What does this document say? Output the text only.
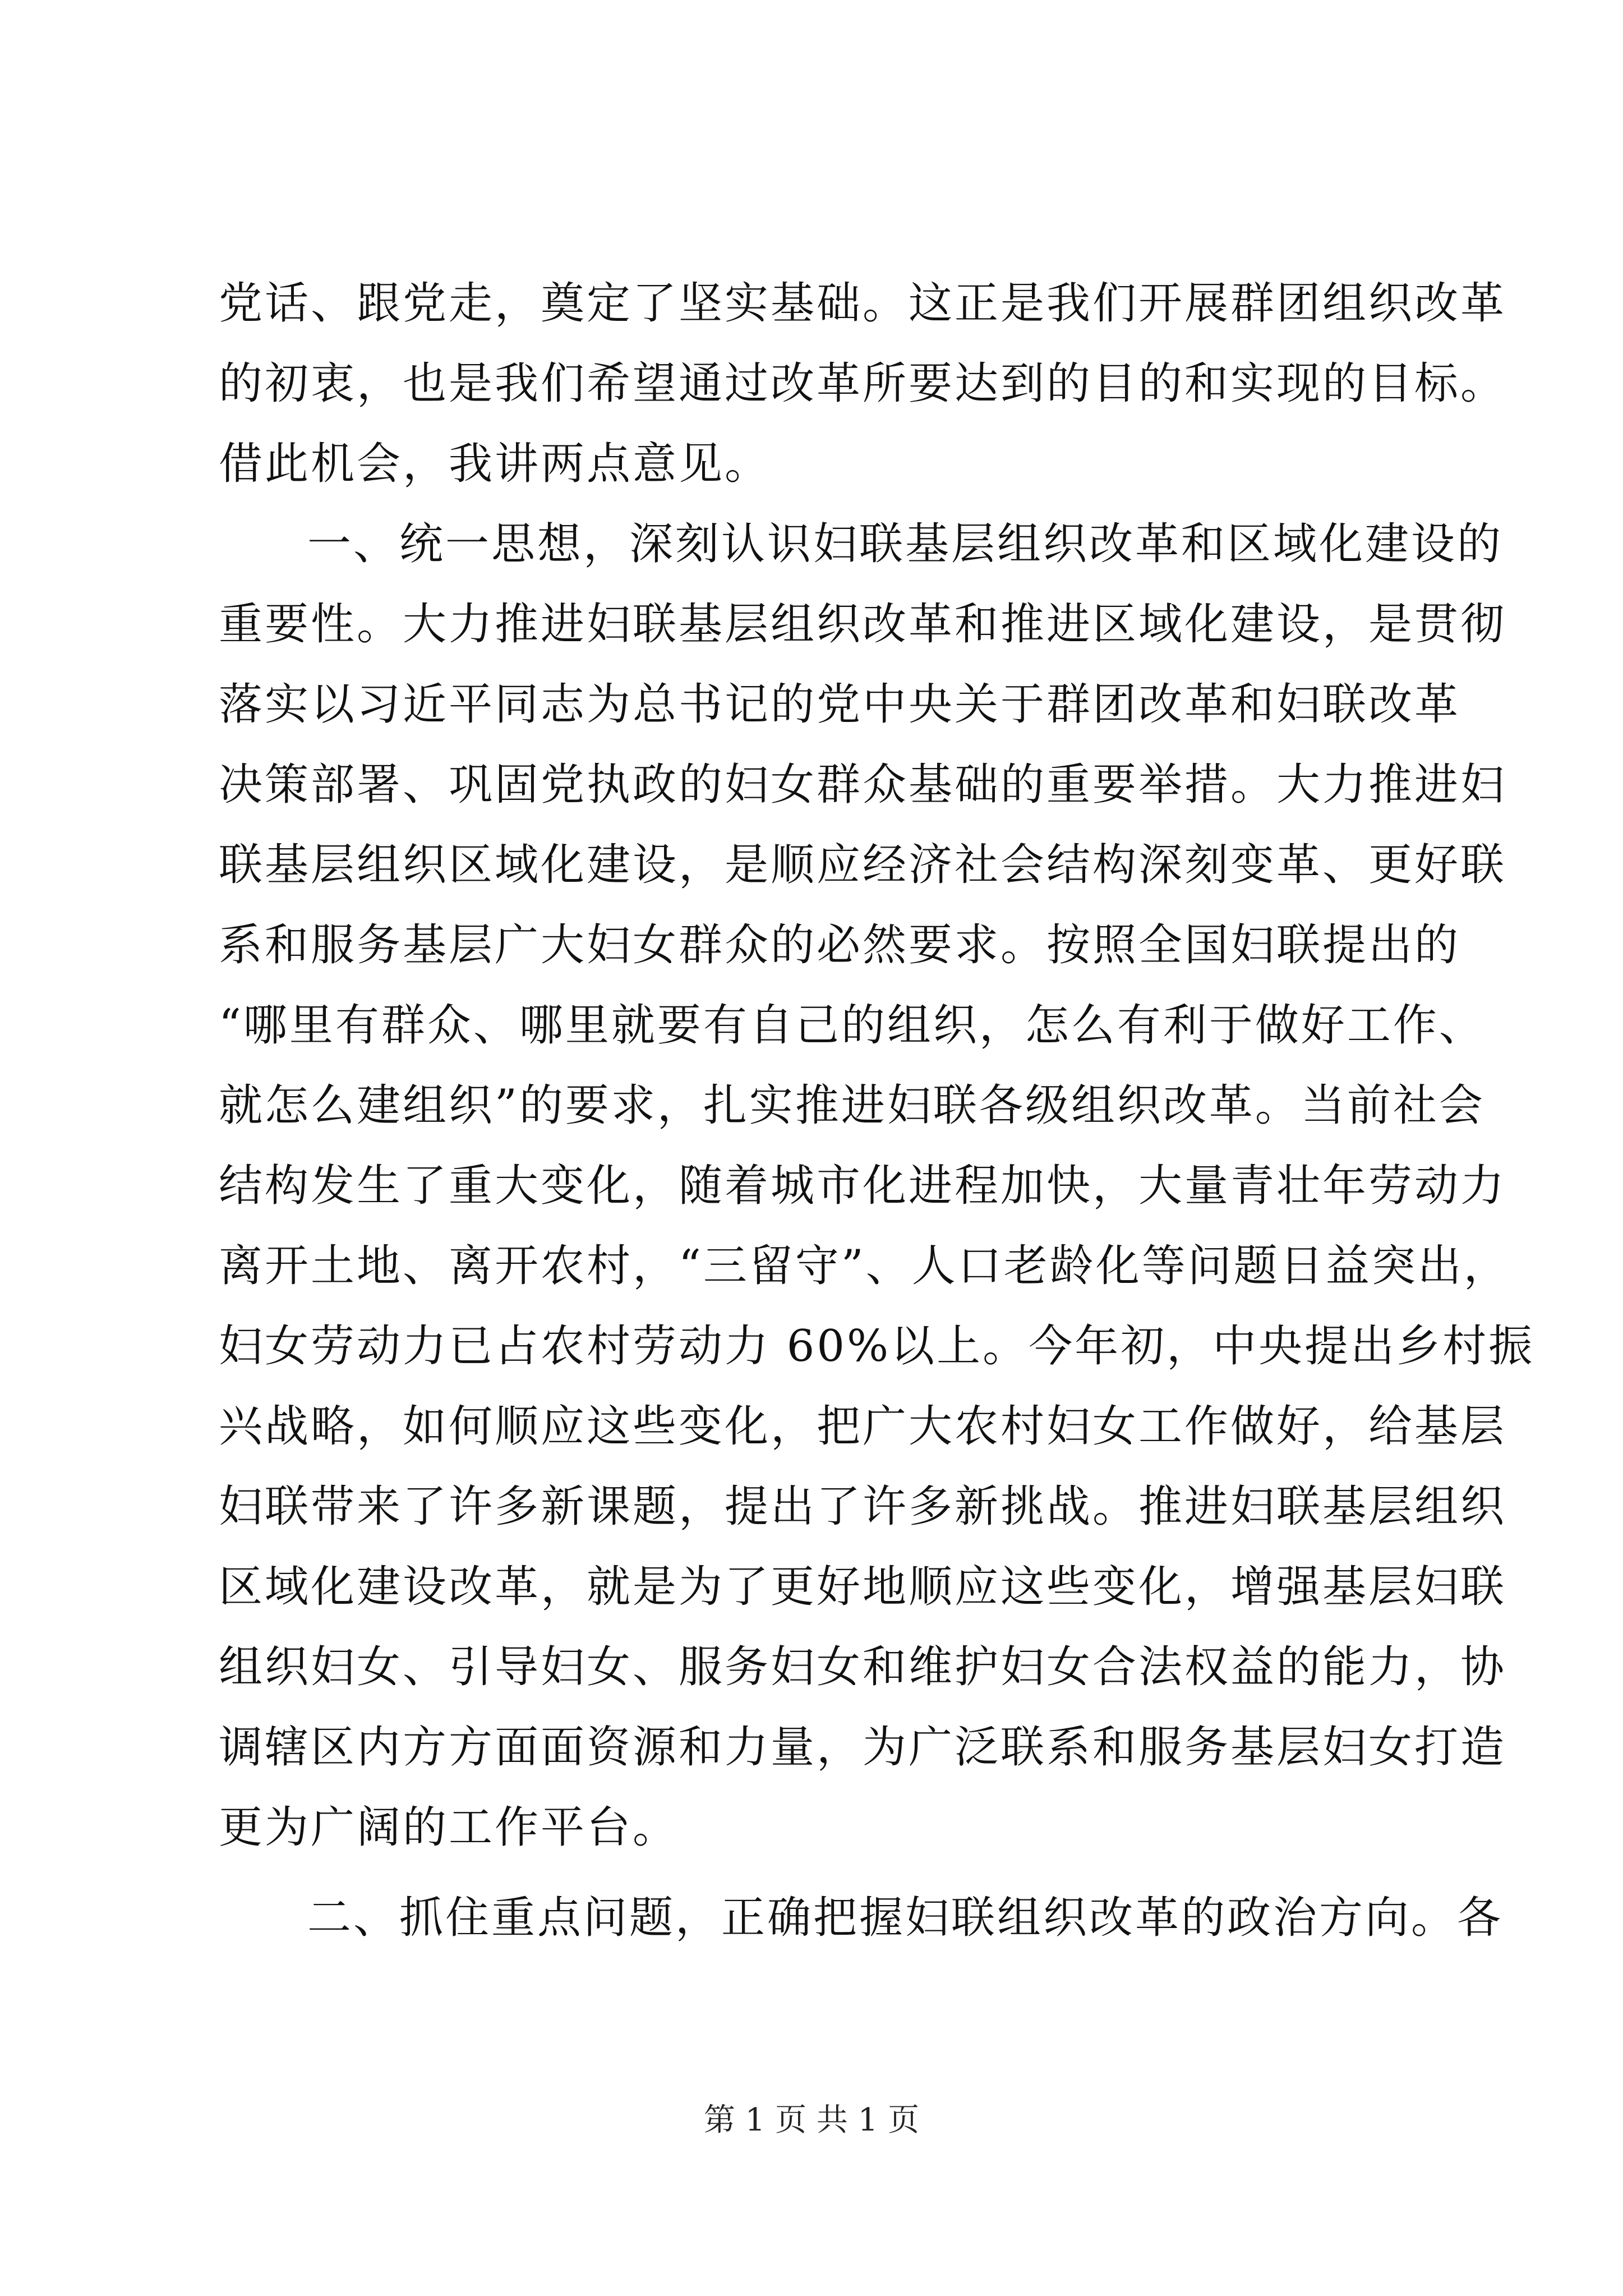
党话、跟党走，奠定了坚实基础。这正是我们开展群团组织改革
的初衷，也是我们希望通过改革所要达到的目的和实现的目标。
借此机会，我讲两点意见。
一、统一思想，深刻认识妇联基层组织改革和区域化建设的
重要性。大力推进妇联基层组织改革和推进区域化建设，是贯彻
落实以习近平同志为总书记的党中央关于群团改革和妇联改革
决策部署、巩固党执政的妇女群众基础的重要举措。大力推进妇
联基层组织区域化建设，是顺应经济社会结构深刻变革、更好联
系和服务基层广大妇女群众的必然要求。按照全国妇联提出的
“哪里有群众、哪里就要有自己的组织，怎么有利于做好工作、
就怎么建组织”的要求，扎实推进妇联各级组织改革。当前社会
结构发生了重大变化，随着城市化进程加快，大量青壮年劳动力
离开土地、离开农村，“三留守”、人口老龄化等问题日益突出，
妇女劳动力已占农村劳动力 60%以上。今年初，中央提出乡村振
兴战略，如何顺应这些变化，把广大农村妇女工作做好，给基层
妇联带来了许多新课题，提出了许多新挑战。推进妇联基层组织
区域化建设改革，就是为了更好地顺应这些变化，增强基层妇联
组织妇女、引导妇女、服务妇女和维护妇女合法权益的能力，协
调辖区内方方面面资源和力量，为广泛联系和服务基层妇女打造
更为广阔的工作平台。
二、抓住重点问题，正确把握妇联组织改革的政治方向。各
第 1 页 共 1 页
